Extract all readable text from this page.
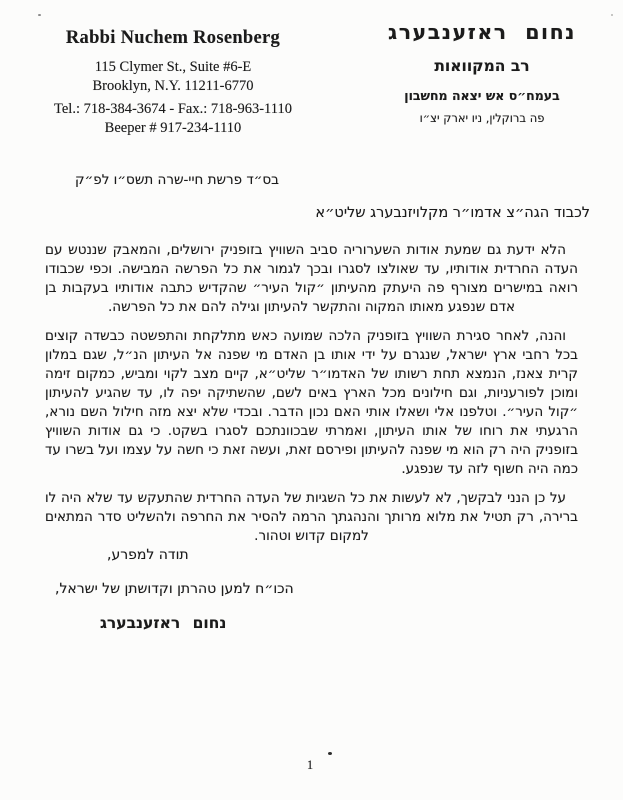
Rabbi Nuchem Rosenberg
115 Clymer St., Suite #6-E
Brooklyn, N.Y. 11211-6770
Tel.: 718-384-3674 - Fax.: 718-963-1110
Beeper # 917-234-1110
נחום ראזענבערג
רב המקוואות
בעמח״ס אש יצאה מחשבון
פה ברוקלין, ניו יארק יצ״ו
בס״ד פרשת חיי-שרה תשס״ו לפ״ק
לכבוד הגה״צ אדמו״ר מקלויזנבערג שליט״א

הלא ידעת גם שמעת אודות השערוריה סביב השוויץ בזופניק ירושלים, והמאבק שננטש עם העדה החרדית אודותיו, עד שאולצו לסגרו ובכך לגמור את כל הפרשה המבישה. וכפי שכבודו רואה במישרים מצורף פה היעתק מהעיתון ״קול העיר״ שהקדיש כתבה אודותיו בעקבות בן אדם שנפגע מאותו המקוה והתקשר להעיתון וגילה להם את כל הפרשה.

והנה, לאחר סגירת השוויץ בזופניק הלכה שמועה כאש מתלקחת והתפשטה כבשדה קוצים בכל רחבי ארץ ישראל, שנגרם על ידי אותו בן האדם מי שפנה אל העיתון הנ״ל, שגם במלון קרית צאנז, הנמצא תחת רשותו של האדמו״ר שליט״א, קיים מצב לקוי ומביש, כמקום זימה ומוכן לפורעניות, וגם חילונים מכל הארץ באים לשם, שהשתיקה יפה לו, עד שהגיע להעיתון ״קול העיר״. וטלפנו אלי ושאלו אותי האם נכון הדבר. ובכדי שלא יצא מזה חילול השם נורא, הרגעתי את רוחו של אותו העיתון, ואמרתי שבכוונתכם לסגרו בשקט. כי גם אודות השוויץ בזופניק היה רק הוא מי שפנה להעיתון ופירסם זאת, ועשה זאת כי חשה על עצמו ועל בשרו עד כמה היה חשוף לזה עד שנפגע.

על כן הנני לבקשך, לא לעשות את כל השגיות של העדה החרדית שהתעקש עד שלא היה לו ברירה, רק תטיל את מלוא מרותך והנהגתך הרמה להסיר את החרפה ולהשליט סדר המתאים למקום קדוש וטהור.

תודה למפרע,
הכו״ח למען טהרתן וקדושתן של ישראל,
נחום ראזענבערג
1
